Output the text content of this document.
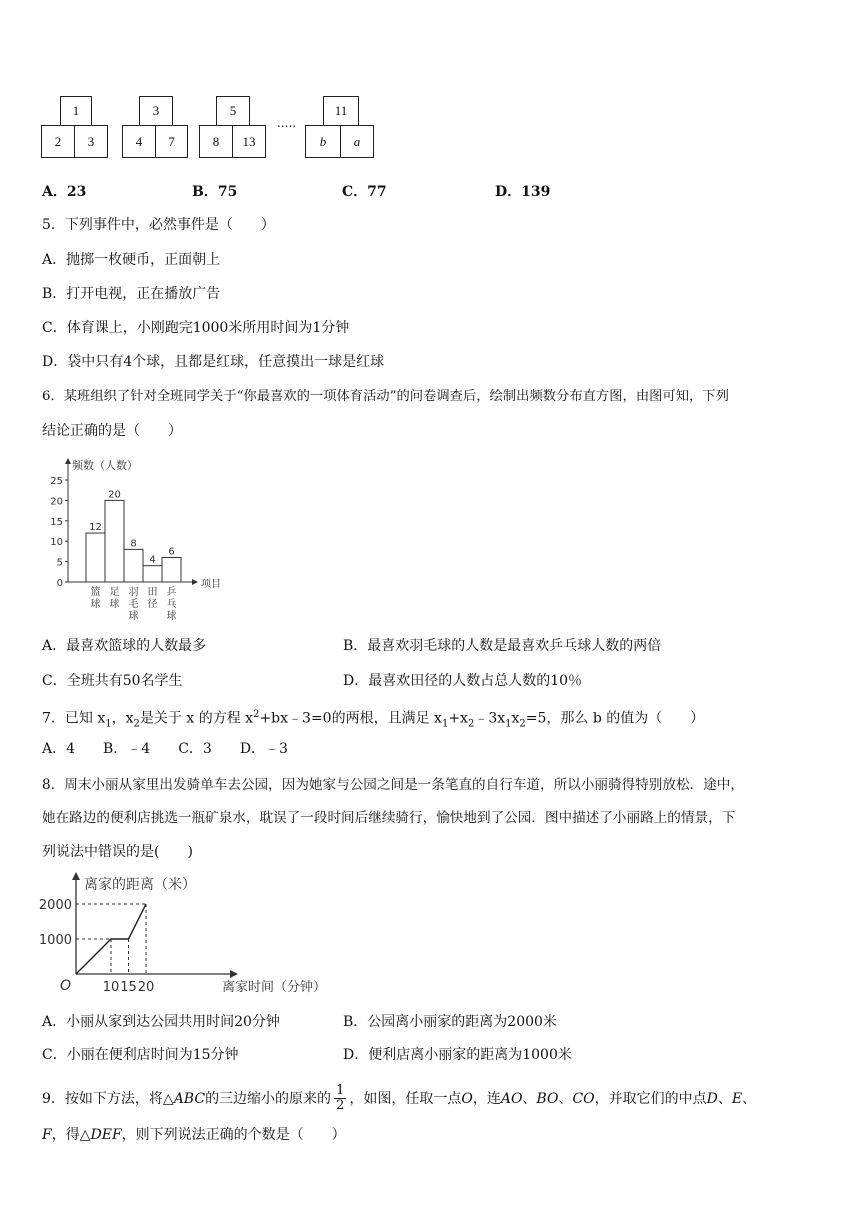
1
2	3
3
4	7
5
8	13
.....
11
b	a
A．23	B．75	C．77	D．139
5．下列事件中，必然事件是（　　）
A．抛掷一枚硬币，正面朝上
B．打开电视，正在播放广告
C．体育课上，小刚跑完1000米所用时间为1分钟
D．袋中只有4个球，且都是红球，任意摸出一球是红球
6．某班组织了针对全班同学关于“你最喜欢的一项体育活动”的问卷调查后，绘制出频数分布直方图，由图可知，下列
结论正确的是（　　）
频数（人数）
项目
0
5
10
15
20
25
12
篮
球
20
足
球
8
羽
毛
球
4
田
径
6
乒
乓
球
A．最喜欢篮球的人数最多	B．最喜欢羽毛球的人数是最喜欢乒乓球人数的两倍
C．全班共有50名学生	D．最喜欢田径的人数占总人数的10％
7．已知 $x_1$，$x_2$是关于 x 的方程 $x^2+bx﹣3=0$的两根，且满足 $x_1+x_2﹣3x_1x_2=5$，那么 b 的值为（　　）
A．4　　B．﹣4　　C．3　　D．﹣3
8．周末小丽从家里出发骑单车去公园，因为她家与公园之间是一条笔直的自行车道，所以小丽骑得特别放松．途中，
她在路边的便利店挑选一瓶矿泉水，耽误了一段时间后继续骑行，愉快地到了公园．图中描述了小丽路上的情景，下
列说法中错误的是(　　)
离家的距离（米）
离家时间（分钟）
O
1000
2000
10 15 20
A．小丽从家到达公园共用时间20分钟	B．公园离小丽家的距离为2000米
C．小丽在便利店时间为15分钟	D．便利店离小丽家的距离为1000米
9．按如下方法，将△ ABC 的三边缩小的原来的 $\frac{1}{2}$ ，如图，任取一点 O ，连 AO 、 BO 、 CO ，并取它们的中点 D 、 E 、
F，得△DEF，则下列说法正确的个数是（　　）
